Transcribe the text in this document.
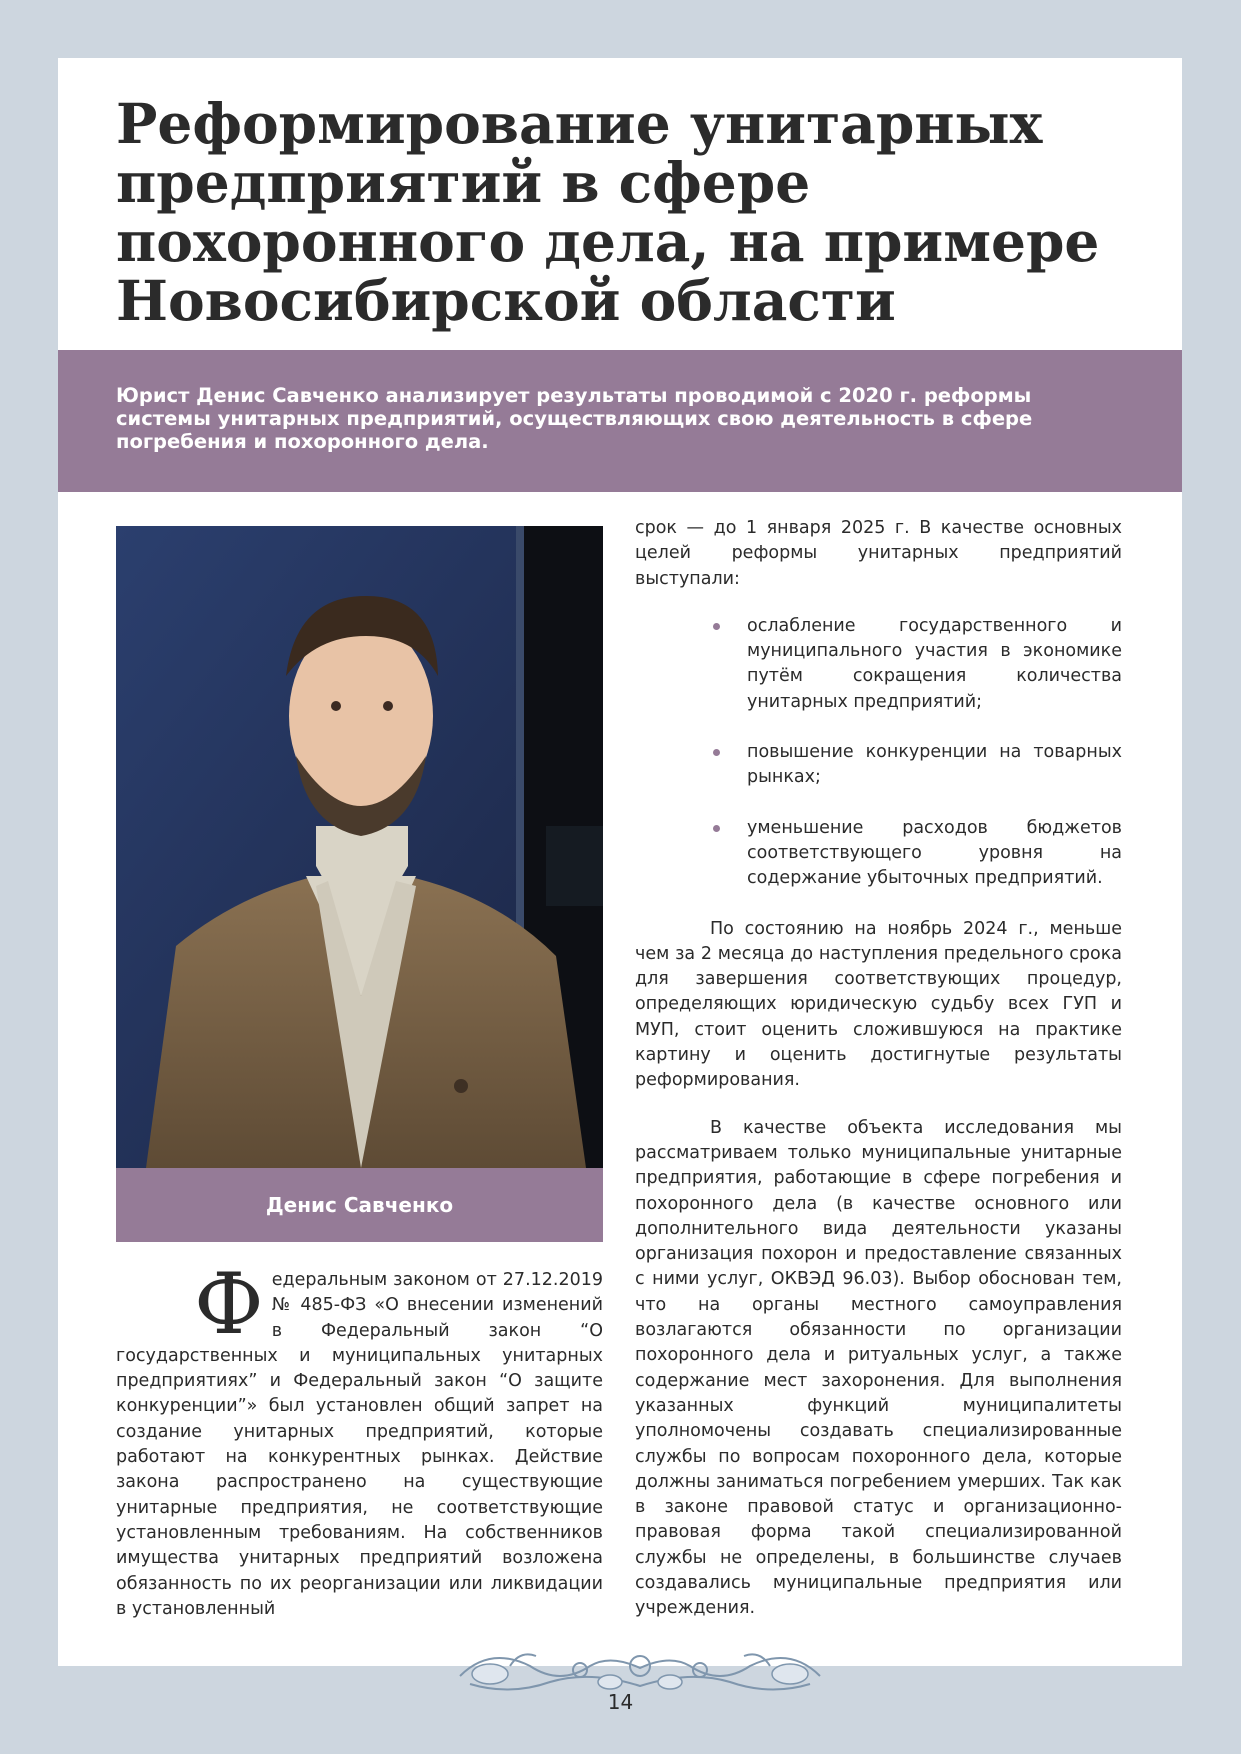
Реформирование унитарных предприятий в сфере похоронного дела, на примере Новосибирской области

Юрист Денис Савченко анализирует результаты проводимой с 2020 г. реформы системы унитарных предприятий, осуществляющих свою деятельность в сфере погребения и похоронного дела.

Денис Савченко

Федеральным законом от 27.12.2019 № 485-ФЗ «О внесении изменений в Федеральный закон “О государственных и муниципальных унитарных предприятиях” и Федеральный закон “О защите конкуренции”» был установлен общий запрет на создание унитарных предприятий, которые работают на конкурентных рынках. Действие закона распространено на существующие унитарные предприятия, не соответствующие установленным требованиям. На собственников имущества унитарных предприятий возложена обязанность по их реорганизации или ликвидации в установленный

срок — до 1 января 2025 г. В качестве основных целей реформы унитарных предприятий выступали:

ослабление государственного и муниципального участия в экономике путём сокращения количества унитарных предприятий;
повышение конкуренции на товарных рынках;
уменьшение расходов бюджетов соответствующего уровня на содержание убыточных предприятий.

По состоянию на ноябрь 2024 г., меньше чем за 2 месяца до наступления предельного срока для завершения соответствующих процедур, определяющих юридическую судьбу всех ГУП и МУП, стоит оценить сложившуюся на практике картину и оценить достигнутые результаты реформирования.

В качестве объекта исследования мы рассматриваем только муниципальные унитарные предприятия, работающие в сфере погребения и похоронного дела (в качестве основного или дополнительного вида деятельности указаны организация похорон и предоставление связанных с ними услуг, ОКВЭД 96.03). Выбор обоснован тем, что на органы местного самоуправления возлагаются обязанности по организации похоронного дела и ритуальных услуг, а также содержание мест захоронения. Для выполнения указанных функций муниципалитеты уполномочены создавать специализированные службы по вопросам похоронного дела, которые должны заниматься погребением умерших. Так как в законе правовой статус и организационно-правовая форма такой специализированной службы не определены, в большинстве случаев создавались муниципальные предприятия или учреждения.

14
